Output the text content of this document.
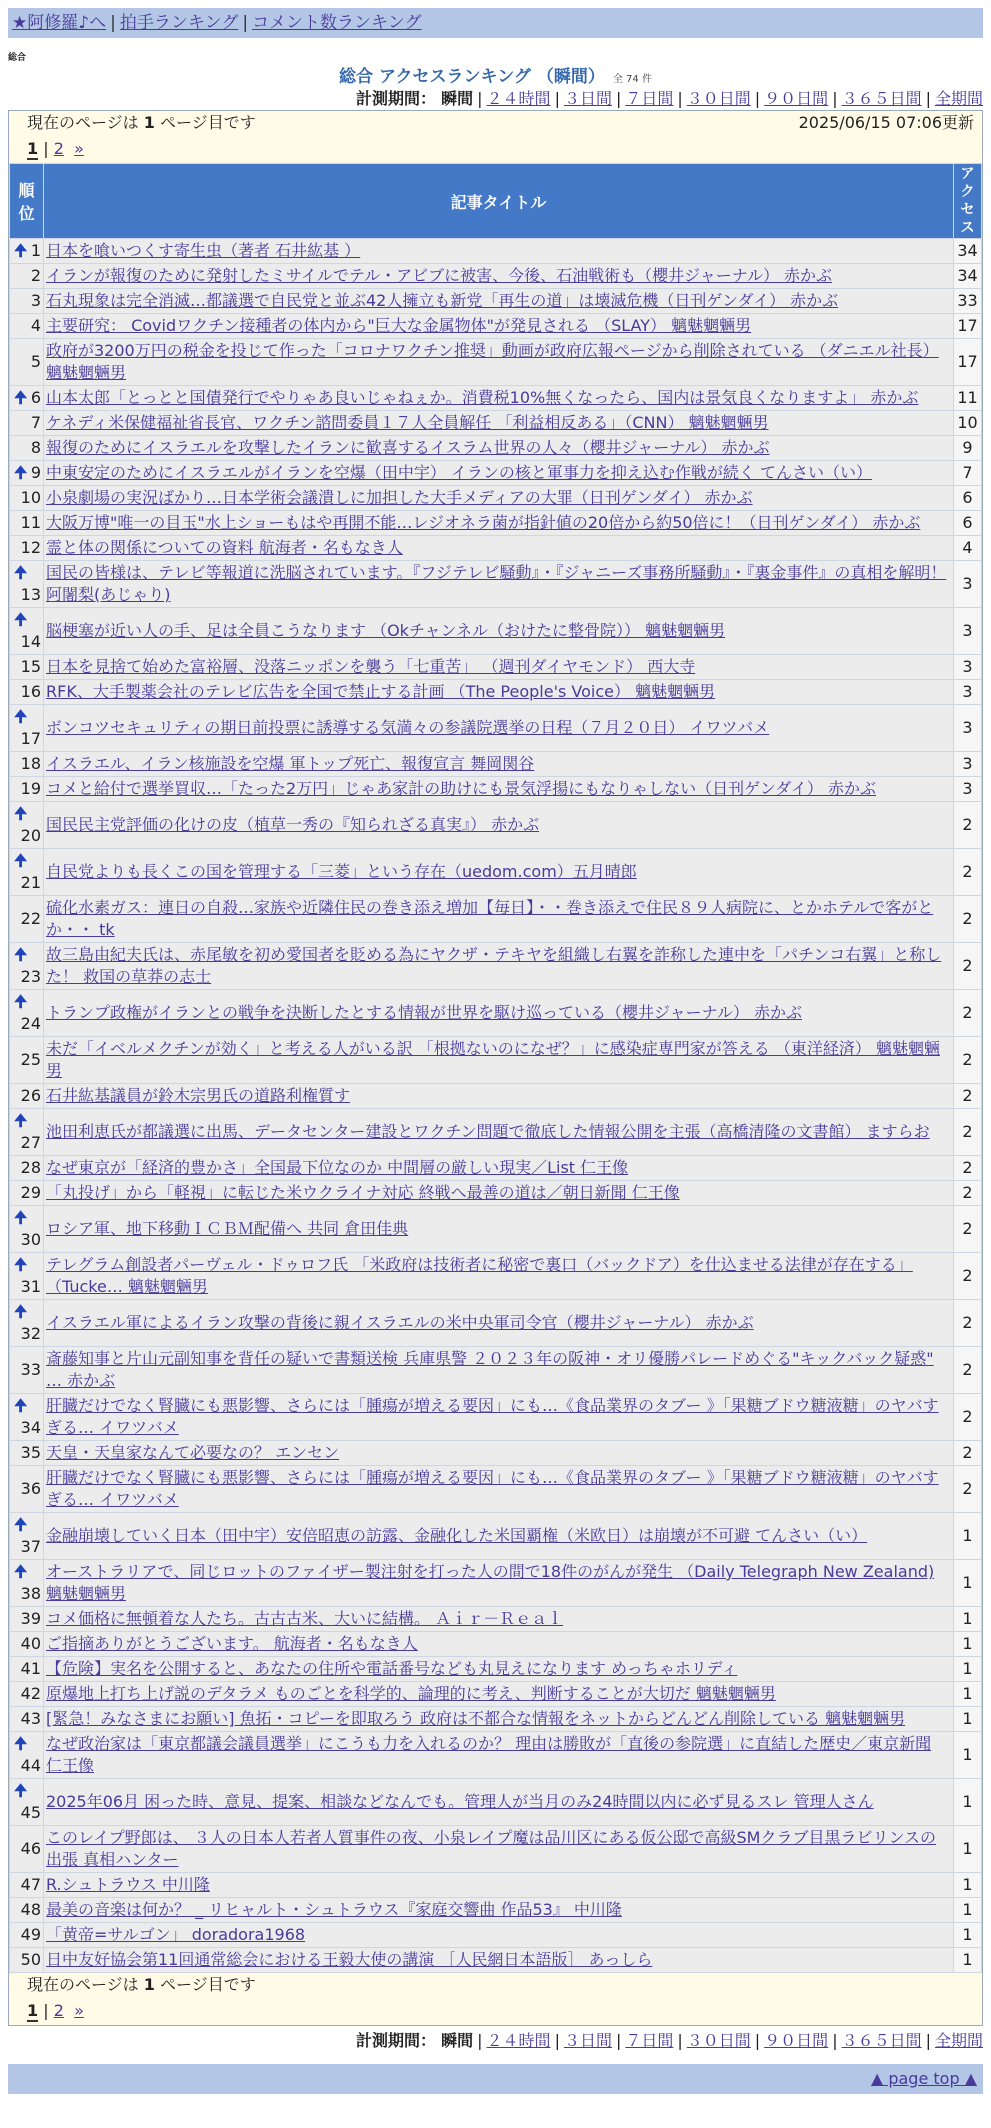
★阿修羅♪へ | 拍手ランキング | コメント数ランキング
総合
総合 アクセスランキング （瞬間） 全 74 件
計測期間： 瞬間 | ２４時間 | ３日間 | ７日間 | ３０日間 | ９０日間 | ３６５日間 | 全期間
現在のページは 1 ページ目です	2025/06/15 07:06更新
1 | 2 »
順位	記事タイトル	アクセス

🠉 1	日本を喰いつくす寄生虫（著者 石井紘基 ）	34
2	イランが報復のために発射したミサイルでテル・アビブに被害、今後、石油戦術も（櫻井ジャーナル） 赤かぶ	34
3	石丸現象は完全消滅…都議選で自民党と並ぶ42人擁立も新党「再生の道」は壊滅危機（日刊ゲンダイ） 赤かぶ	33
4	主要研究： Covidワクチン接種者の体内から"巨大な金属物体"が発見される （SLAY） 魑魅魍魎男	17
5	政府が3200万円の税金を投じて作った「コロナワクチン推奨」動画が政府広報ページから削除されている （ダニエル社長） 魑魅魍魎男	17

🠉 6	山本太郎「とっとと国債発行でやりゃあ良いじゃねぇか。消費税10%無くなったら、国内は景気良くなりますよ」 赤かぶ	11
7	ケネディ米保健福祉省長官、ワクチン諮問委員１７人全員解任 「利益相反ある」（CNN） 魑魅魍魎男	10
8	報復のためにイスラエルを攻撃したイランに歓喜するイスラム世界の人々（櫻井ジャーナル） 赤かぶ	9

🠉 9	中東安定のためにイスラエルがイランを空爆（田中宇） イランの核と軍事力を抑え込む作戦が続く てんさい（い）	7
10	小泉劇場の実況ばかり…日本学術会議潰しに加担した大手メディアの大罪（日刊ゲンダイ） 赤かぶ	6
11	大阪万博"唯一の目玉"水上ショーもはや再開不能…レジオネラ菌が指針値の20倍から約50倍に！（日刊ゲンダイ） 赤かぶ	6
12	霊と体の関係についての資料 航海者・名もなき人	4

🠉
13	国民の皆様は、テレビ等報道に洗脳されています。『フジテレビ騒動』・『ジャニーズ事務所騒動』・『裏金事件』の真相を解明！ 阿闍梨(あじゃり)	3

🠉
14	脳梗塞が近い人の手、足は全員こうなります （Okチャンネル（おけたに整骨院）） 魑魅魍魎男	3
15	日本を見捨て始めた富裕層、没落ニッポンを襲う「七重苦」 （週刊ダイヤモンド） 西大寺	3
16	RFK、大手製薬会社のテレビ広告を全国で禁止する計画 （The People's Voice） 魑魅魍魎男	3

🠉
17	ボンコツセキュリティの期日前投票に誘導する気満々の参議院選挙の日程（７月２０日） イワツバメ	3
18	イスラエル、イラン核施設を空爆 軍トップ死亡、報復宣言 舞岡関谷	3
19	コメと給付で選挙買収…「たった2万円」じゃあ家計の助けにも景気浮揚にもなりゃしない（日刊ゲンダイ） 赤かぶ	3

🠉
20	国民民主党評価の化けの皮（植草一秀の『知られざる真実』） 赤かぶ	2

🠉
21	自民党よりも長くこの国を管理する「三菱」という存在（uedom.com）五月晴郎	2
22	硫化水素ガス：連日の自殺…家族や近隣住民の巻き添え増加【毎日】・・巻き添えで住民８９人病院に、とかホテルで客がとか・・ tk	2

🠉
23	故三島由紀夫氏は、赤尾敏を初め愛国者を貶める為にヤクザ・テキヤを組織し右翼を詐称した連中を「パチンコ右翼」と称した！ 救国の草莽の志士	2

🠉
24	トランプ政権がイランとの戦争を決断したとする情報が世界を駆け巡っている（櫻井ジャーナル） 赤かぶ	2
25	未だ「イベルメクチンが効く」と考える人がいる訳 「根拠ないのになぜ？」に感染症専門家が答える （東洋経済） 魑魅魍魎男	2
26	石井紘基議員が鈴木宗男氏の道路利権質す	2

🠉
27	池田利恵氏が都議選に出馬、データセンター建設とワクチン問題で徹底した情報公開を主張（高橋清隆の文書館） ますらお	2
28	なぜ東京が「経済的豊かさ」全国最下位なのか 中間層の厳しい現実／List 仁王像	2
29	「丸投げ」から「軽視」に転じた米ウクライナ対応 終戦へ最善の道は／朝日新聞 仁王像	2

🠉
30	ロシア軍、地下移動ＩＣＢＭ配備へ 共同 倉田佳典	2

🠉
31	テレグラム創設者パーヴェル・ドゥロフ氏 「米政府は技術者に秘密で裏口（バックドア）を仕込ませる法律が存在する」 （Tucke… 魑魅魍魎男	2

🠉
32	イスラエル軍によるイラン攻撃の背後に親イスラエルの米中央軍司令官（櫻井ジャーナル） 赤かぶ	2
33	斎藤知事と片山元副知事を背任の疑いで書類送検 兵庫県警 ２０２３年の阪神・オリ優勝パレードめぐる"キックバック疑惑" … 赤かぶ	2

🠉
34	肝臓だけでなく腎臓にも悪影響、さらには「腫瘍が増える要因」にも…《食品業界のタブー 》「果糖ブドウ糖液糖」のヤバすぎる… イワツバメ	2
35	天皇・天皇家なんて必要なの？ エンセン	2
36	肝臓だけでなく腎臓にも悪影響、さらには「腫瘍が増える要因」にも…《食品業界のタブー 》「果糖ブドウ糖液糖」のヤバすぎる… イワツバメ	2

🠉
37	金融崩壊していく日本（田中宇）安倍昭恵の訪露、金融化した米国覇権（米欧日）は崩壊が不可避 てんさい（い）	1

🠉
38	オーストラリアで、同じロットのファイザー製注射を打った人の間で18件のがんが発生 （Daily Telegraph New Zealand) 魑魅魍魎男	1
39	コメ価格に無頓着な人たち。古古古米、大いに結構。 Ａｉｒ－Ｒｅａｌ	1
40	ご指摘ありがとうございます。 航海者・名もなき人	1
41	【危険】実名を公開すると、あなたの住所や電話番号なども丸見えになります めっちゃホリディ	1
42	原爆地上打ち上げ説のデタラメ ものごとを科学的、論理的に考え、判断することが大切だ 魑魅魍魎男	1
43	[緊急！みなさまにお願い] 魚拓・コピーを即取ろう 政府は不都合な情報をネットからどんどん削除している 魑魅魍魎男	1

🠉
44	なぜ政治家は「東京都議会議員選挙」にこうも力を入れるのか？ 理由は勝敗が「直後の参院選」に直結した歴史／東京新聞 仁王像	1

🠉
45	2025年06月 困った時、意見、提案、相談などなんでも。管理人が当月のみ24時間以内に必ず見るスレ 管理人さん	1
46	このレイプ野郎は、 ３人の日本人若者人質事件の夜、小泉レイプ魔は品川区にある仮公邸で高級SMクラブ目黒ラビリンスの出張 真相ハンター	1
47	R.シュトラウス 中川隆	1
48	最美の音楽は何か？ _ リヒャルト・シュトラウス『家庭交響曲 作品53』 中川隆	1
49	「黄帝=サルゴン」 doradora1968	1
50	日中友好協会第11回通常総会における王毅大使の講演 ［人民網日本語版］ あっしら	1
現在のページは 1 ページ目です
1 | 2 »
計測期間： 瞬間 | ２４時間 | ３日間 | ７日間 | ３０日間 | ９０日間 | ３６５日間 | 全期間
▲ page top ▲
